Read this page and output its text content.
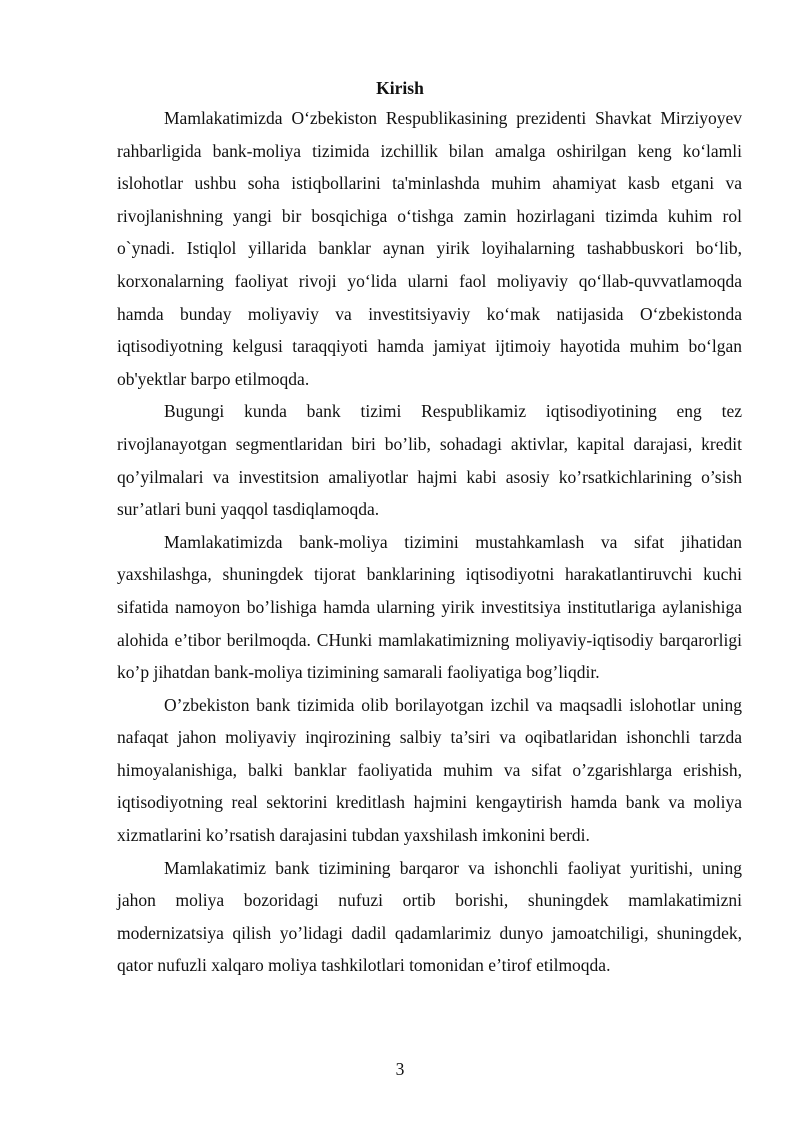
Kirish

Mamlakatimizda O‘zbekiston Respublikasining prezidenti Shavkat Mirziyoyev rahbarligida bank-moliya tizimida izchillik bilan amalga oshirilgan keng ko‘lamli islohotlar ushbu soha istiqbollarini ta'minlashda muhim ahamiyat kasb etgani va rivojlanishning yangi bir bosqichiga o‘tishga zamin hozirlagani tizimda kuhim rol o`ynadi. Istiqlol yillarida banklar aynan yirik loyihalarning tashabbuskori bo‘lib, korxonalarning faoliyat rivoji yo‘lida ularni faol moliyaviy qo‘llab-quvvatlamoqda hamda bunday moliyaviy va investitsiyaviy ko‘mak natijasida O‘zbekistonda iqtisodiyotning kelgusi taraqqiyoti hamda jamiyat ijtimoiy hayotida muhim bo‘lgan ob'yektlar barpo etilmoqda.

Bugungi kunda bank tizimi Respublikamiz iqtisodiyotining eng tez rivojlanayotgan segmentlaridan biri bo’lib, sohadagi aktivlar, kapital darajasi, kredit qo’yilmalari va investitsion amaliyotlar hajmi kabi asosiy ko’rsatkichlarining o’sish sur’atlari buni yaqqol tasdiqlamoqda.

Mamlakatimizda bank-moliya tizimini mustahkamlash va sifat jihatidan yaxshilashga, shuningdek tijorat banklarining iqtisodiyotni harakatlantiruvchi kuchi sifatida namoyon bo’lishiga hamda ularning yirik investitsiya institutlariga aylanishiga alohida e’tibor berilmoqda. CHunki mamlakatimizning moliyaviy-iqtisodiy barqarorligi ko’p jihatdan bank-moliya tizimining samarali faoliyatiga bog’liqdir.

O’zbekiston bank tizimida olib borilayotgan izchil va maqsadli islohotlar uning nafaqat jahon moliyaviy inqirozining salbiy ta’siri va oqibatlaridan ishonchli tarzda himoyalanishiga, balki banklar faoliyatida muhim va sifat o’zgarishlarga erishish, iqtisodiyotning real sektorini kreditlash hajmini kengaytirish hamda bank va moliya xizmatlarini ko’rsatish darajasini tubdan yaxshilash imkonini berdi.

Mamlakatimiz bank tizimining barqaror va ishonchli faoliyat yuritishi, uning jahon moliya bozoridagi nufuzi ortib borishi, shuningdek mamlakatimizni modernizatsiya qilish yo’lidagi dadil qadamlarimiz dunyo jamoatchiligi, shuningdek, qator nufuzli xalqaro moliya tashkilotlari tomonidan e’tirof etilmoqda.

3
